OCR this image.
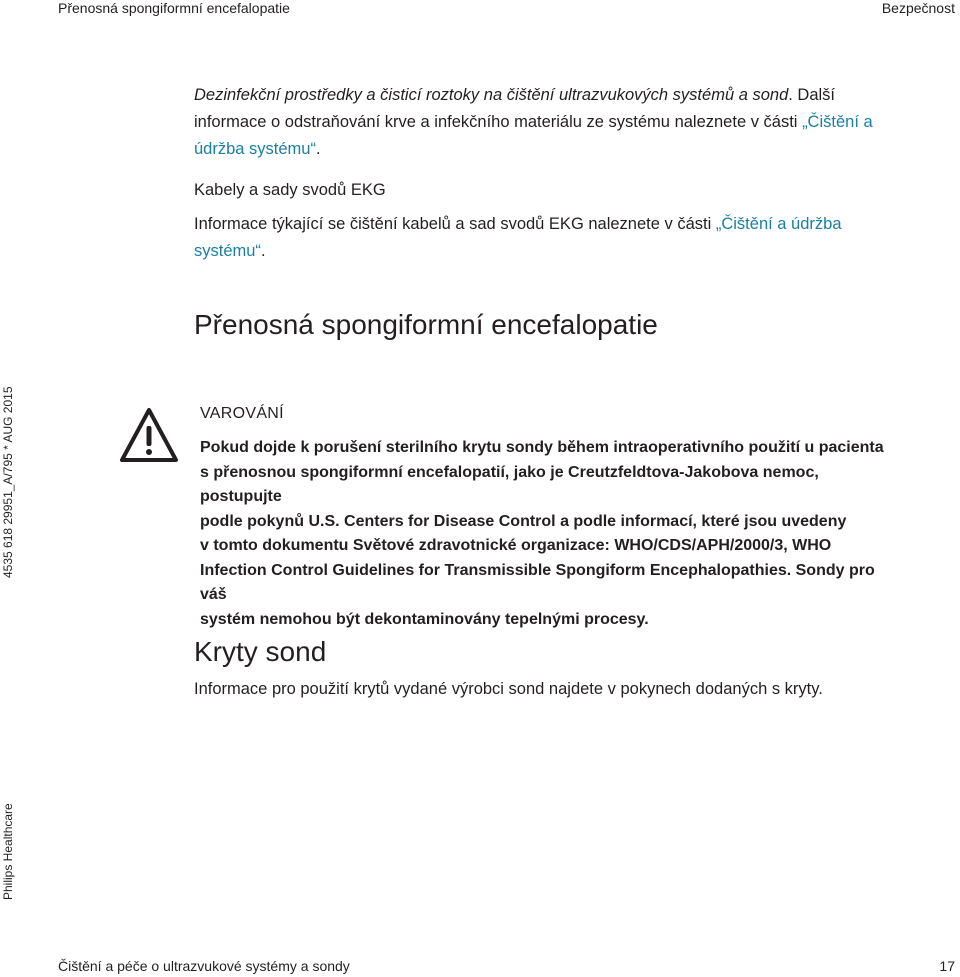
Přenosná spongiformní encefalopatie	Bezpečnost
Dezinfekční prostředky a čisticí roztoky na čištění ultrazvukových systémů a sond. Další
informace o odstraňování krve a infekčního materiálu ze systému naleznete v části „Čištění a údržba systému“.
Kabely a sady svodů EKG
Informace týkající se čištění kabelů a sad svodů EKG naleznete v části „Čištění a údržba systému“.
Přenosná spongiformní encefalopatie
VAROVÁNÍ
Pokud dojde k porušení sterilního krytu sondy během intraoperativního použití u pacienta
s přenosnou spongiformní encefalopatií, jako je Creutzfeldtova-Jakobova nemoc, postupujte
podle pokynů U.S. Centers for Disease Control a podle informací, které jsou uvedeny
v tomto dokumentu Světové zdravotnické organizace: WHO/CDS/APH/2000/3, WHO
Infection Control Guidelines for Transmissible Spongiform Encephalopathies. Sondy pro váš
systém nemohou být dekontaminovány tepelnými procesy.
Kryty sond
Informace pro použití krytů vydané výrobci sond najdete v pokynech dodaných s kryty.
4535 618 29951_A/795 * AUG 2015
Philips Healthcare
Čištění a péče o ultrazvukové systémy a sondy	17
